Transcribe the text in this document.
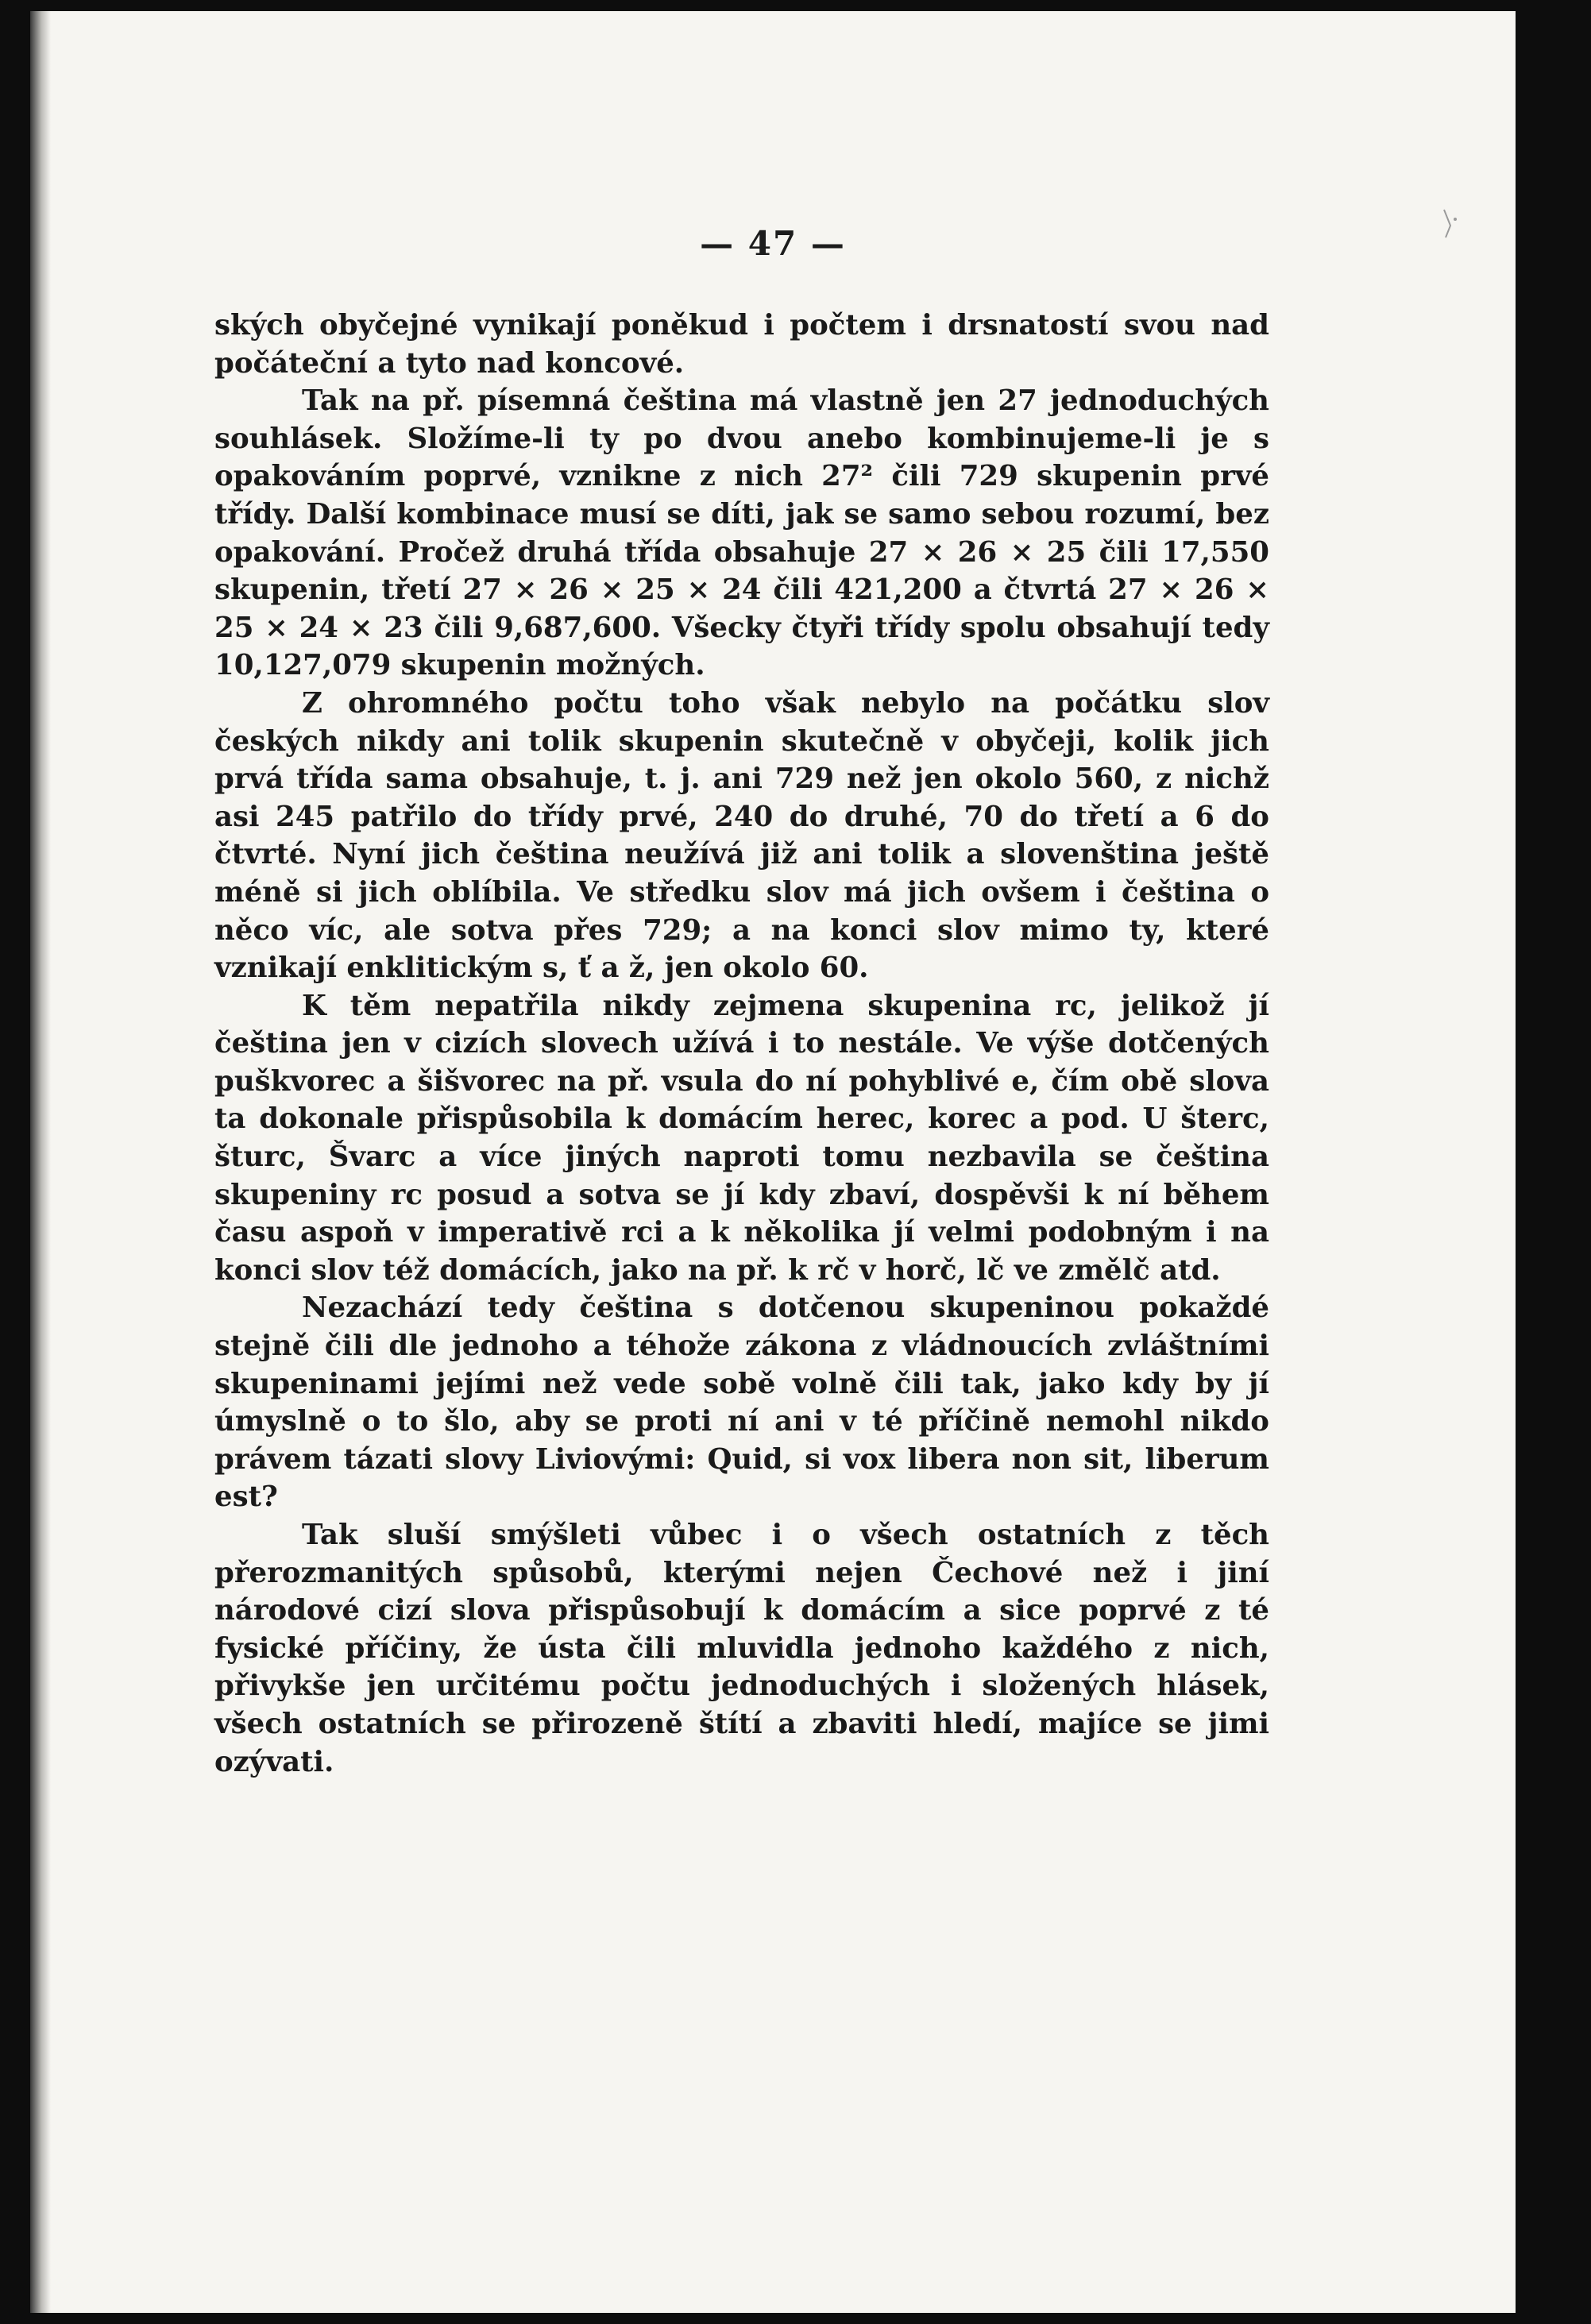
— 47 —

ských obyčejné vynikají poněkud i počtem i drsnatostí svou nad počáteční a tyto nad koncové.

Tak na př. písemná čeština má vlastně jen 27 jednoduchých souhlásek. Složíme-li ty po dvou anebo kombinujeme-li je s opakováním poprvé, vznikne z nich 27² čili 729 skupenin prvé třídy. Další kombinace musí se díti, jak se samo sebou rozumí, bez opakování. Pročež druhá třída obsahuje 27 × 26 × 25 čili 17,550 skupenin, třetí 27 × 26 × 25 × 24 čili 421,200 a čtvrtá 27 × 26 × 25 × 24 × 23 čili 9,687,600. Všecky čtyři třídy spolu obsahují tedy 10,127,079 skupenin možných.

Z ohromného počtu toho však nebylo na počátku slov českých nikdy ani tolik skupenin skutečně v obyčeji, kolik jich prvá třída sama obsahuje, t. j. ani 729 než jen okolo 560, z nichž asi 245 patřilo do třídy prvé, 240 do druhé, 70 do třetí a 6 do čtvrté. Nyní jich čeština neužívá již ani tolik a slovenština ještě méně si jich oblíbila. Ve středku slov má jich ovšem i čeština o něco víc, ale sotva přes 729; a na konci slov mimo ty, které vznikají enklitickým s, ť a ž, jen okolo 60.

K těm nepatřila nikdy zejmena skupenina rc, jelikož jí čeština jen v cizích slovech užívá i to nestále. Ve výše dotčených puškvorec a šišvorec na př. vsula do ní pohyblivé e, čím obě slova ta dokonale přispůsobila k domácím herec, korec a pod. U šterc, šturc, Švarc a více jiných naproti tomu nezbavila se čeština skupeniny rc posud a sotva se jí kdy zbaví, dospěvši k ní během času aspoň v imperativě rci a k několika jí velmi podobným i na konci slov též domácích, jako na př. k rč v horč, lč ve změlč atd.

Nezachází tedy čeština s dotčenou skupeninou pokaždé stejně čili dle jednoho a téhože zákona z vládnoucích zvláštními skupeninami jejími než vede sobě volně čili tak, jako kdy by jí úmyslně o to šlo, aby se proti ní ani v té příčině nemohl nikdo právem tázati slovy Liviovými: Quid, si vox libera non sit, liberum est?

Tak sluší smýšleti vůbec i o všech ostatních z těch přerozmanitých spůsobů, kterými nejen Čechové než i jiní národové cizí slova přispůsobují k domácím a sice poprvé z té fysické příčiny, že ústa čili mluvidla jednoho každého z nich, přivykše jen určitému počtu jednoduchých i složených hlásek, všech ostatních se přirozeně štítí a zbaviti hledí, majíce se jimi ozývati.
